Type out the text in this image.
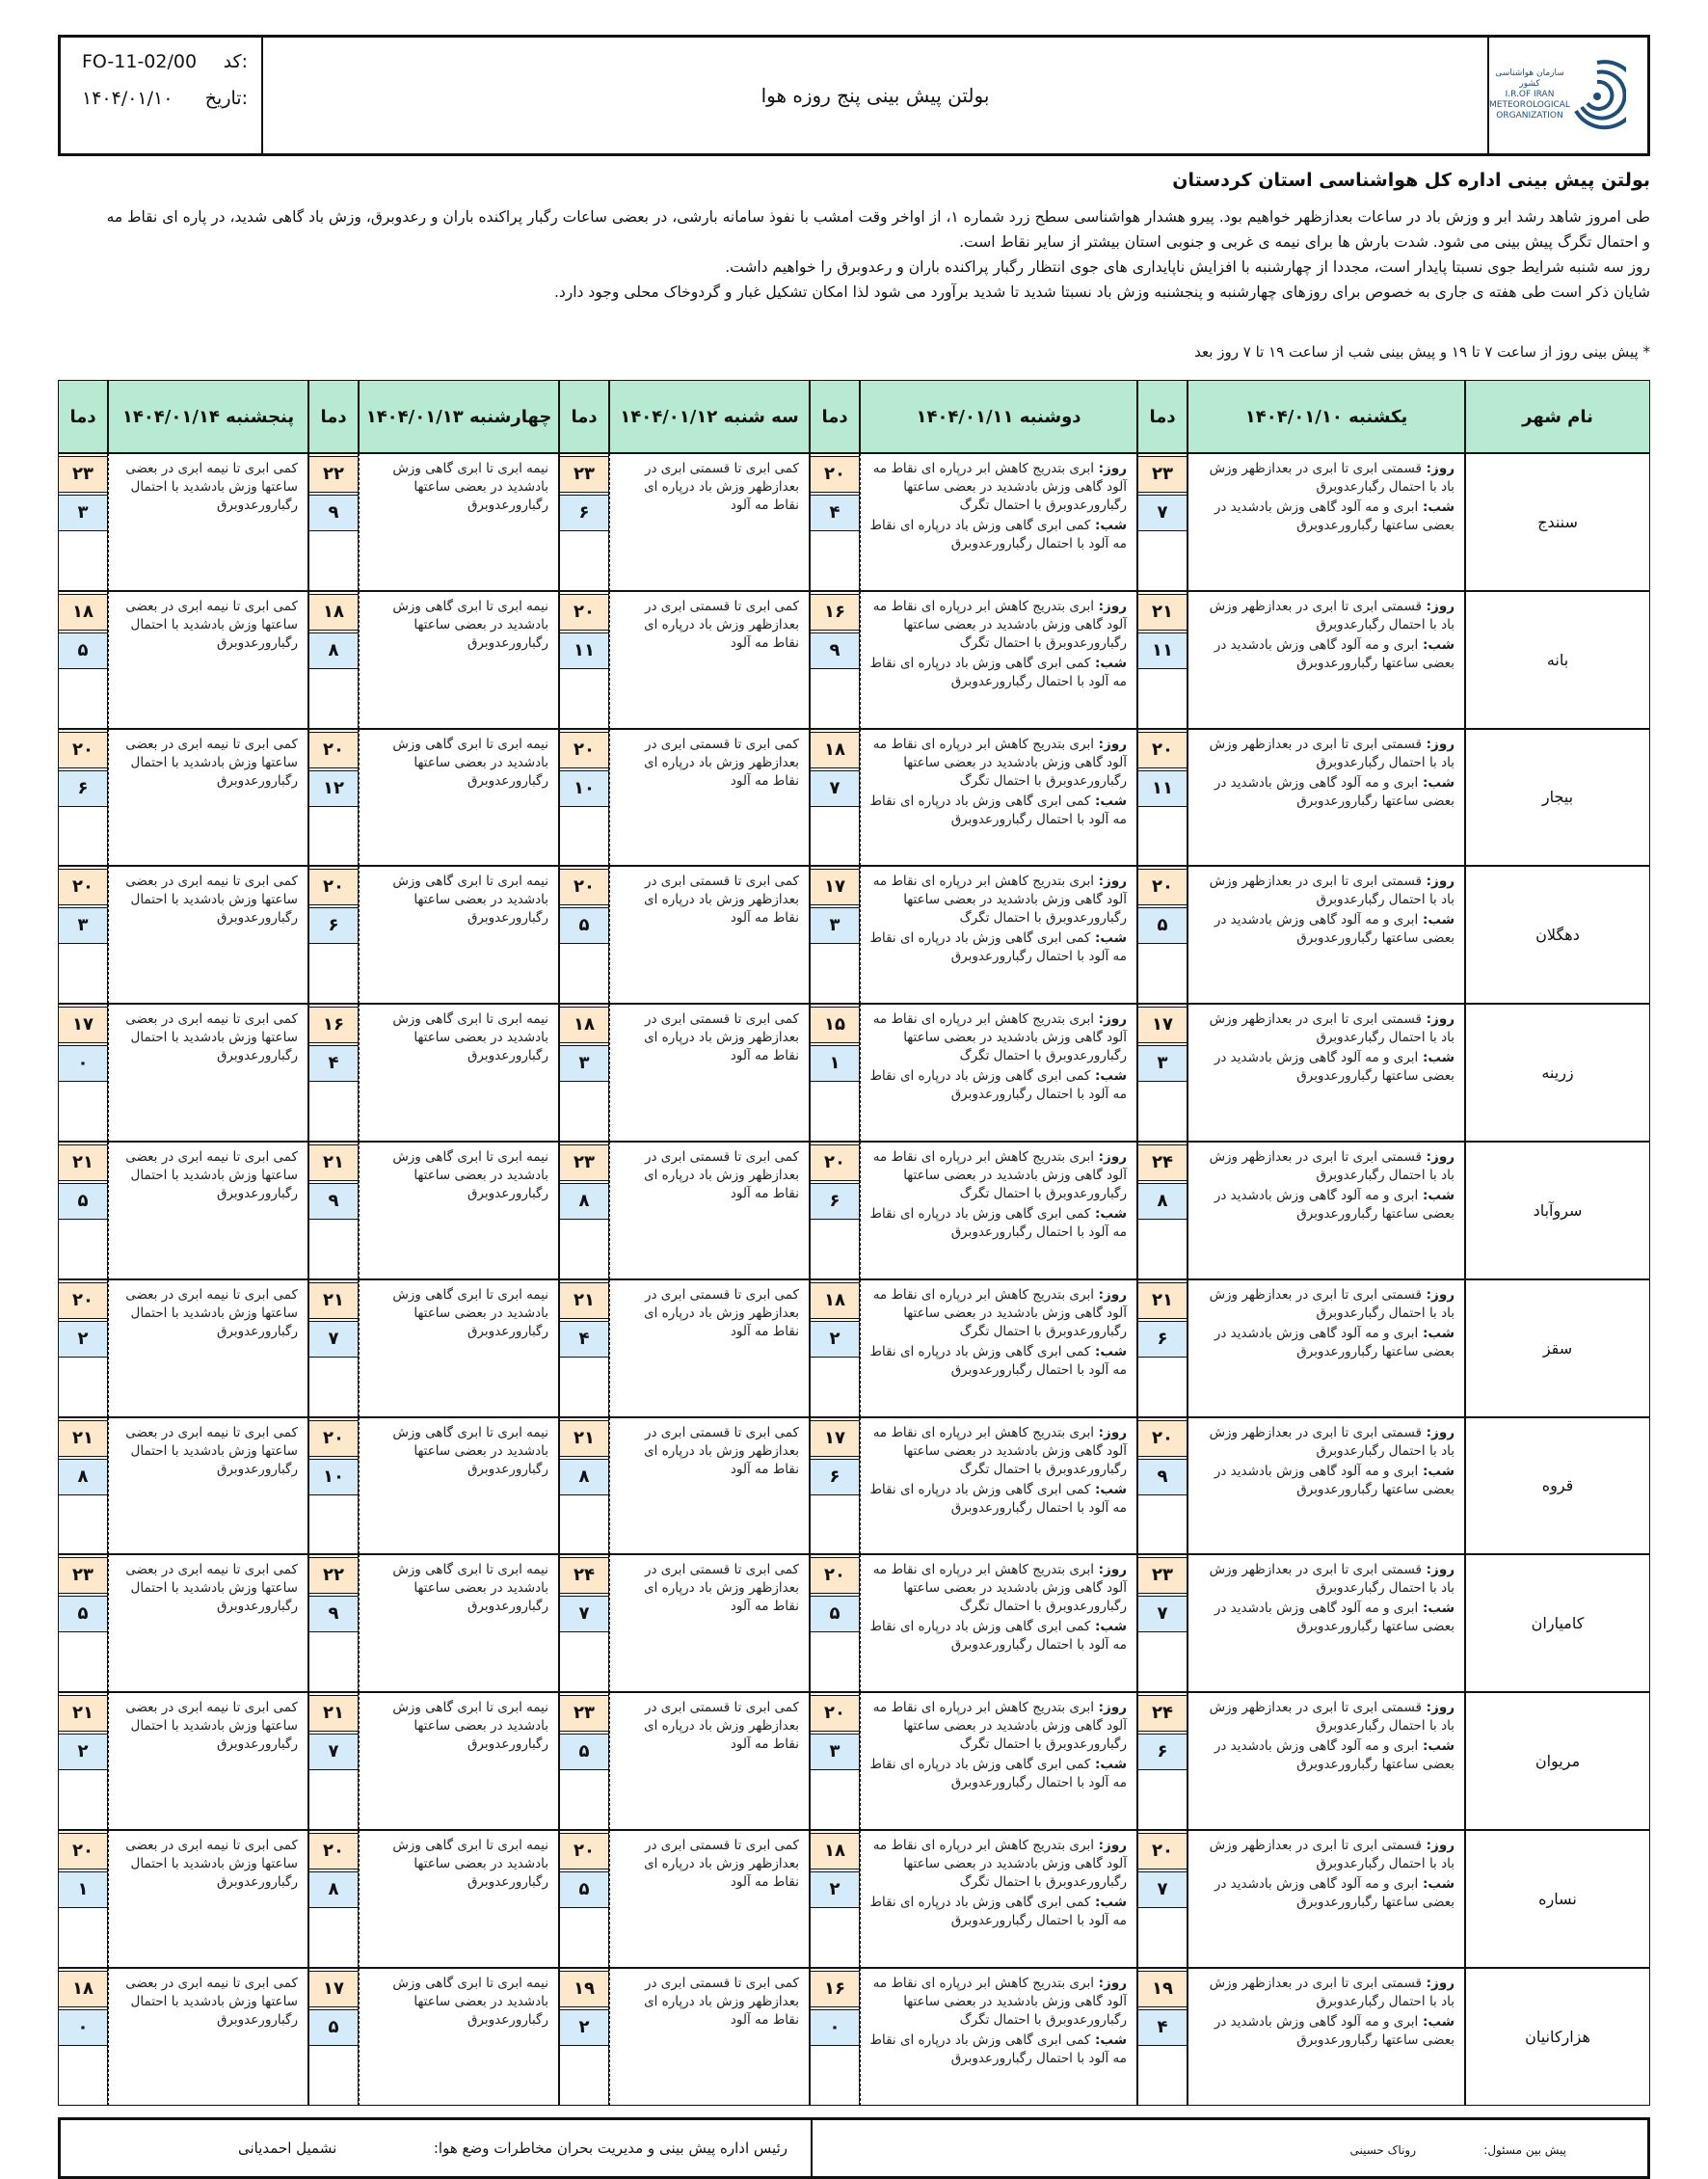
کد:
FO-11-02/00
تاریخ:
۱۴۰۴/۰۱/۱۰	بولتن پیش بینی پنج روزه هوا
سازمان هواشناسی کشور
I.R.OF IRAN
METEOROLOGICAL
ORGANIZATION
بولتن پیش بینی اداره کل هواشناسی استان کردستان
طی امروز شاهد رشد ابر و وزش باد در ساعات بعدازظهر خواهیم بود. پیرو هشدار هواشناسی سطح زرد شماره ۱، از اواخر وقت امشب با نفوذ سامانه بارشی، در بعضی ساعات رگبار پراکنده باران و رعدوبرق، وزش باد گاهی شدید، در پاره ای نقاط مه و احتمال تگرگ پیش بینی می شود. شدت بارش ها برای نیمه ی غربی و جنوبی استان بیشتر از سایر نقاط است.
روز سه شنبه شرایط جوی نسبتا پایدار است، مجددا از چهارشنبه با افزایش ناپایداری های جوی انتظار رگبار پراکنده باران و رعدوبرق را خواهیم داشت.
شایان ذکر است طی هفته ی جاری به خصوص برای روزهای چهارشنبه و پنجشنبه وزش باد نسبتا شدید تا شدید برآورد می شود لذا امکان تشکیل غبار و گردوخاک محلی وجود دارد.
* پیش بینی روز از ساعت ۷ تا ۱۹ و پیش بینی شب از ساعت ۱۹ تا ۷ روز بعد
دما	پنجشنبه ۱۴۰۴/۰۱/۱۴	دما	چهارشنبه ۱۴۰۴/۰۱/۱۳	دما	سه شنبه ۱۴۰۴/۰۱/۱۲	دما	دوشنبه ۱۴۰۴/۰۱/۱۱	دما	یکشنبه ۱۴۰۴/۰۱/۱۰	نام شهر
۲۳
۳
کمی ابری تا نیمه ابری در بعضی ساعتها وزش بادشدید با احتمال رگبارورعدوبرق
۲۲
۹
نیمه ابری تا ابری گاهی وزش بادشدید در بعضی ساعتها رگبارورعدوبرق
۲۳
۶
کمی ابری تا قسمتی ابری در بعدازظهر وزش باد درپاره ای نقاط مه آلود
۲۰
۴
روز: ابری بتدریج کاهش ابر درپاره ای نقاط مه آلود گاهی وزش بادشدید در بعضی ساعتها رگبارورعدوبرق با احتمال تگرگ
شب: کمی ابری گاهی وزش باد درپاره ای نقاط مه آلود با احتمال رگبارورعدوبرق
۲۳
۷
روز: قسمتی ابری تا ابری در بعدازظهر وزش باد با احتمال رگبارعدوبرق
شب: ابری و مه آلود گاهی وزش بادشدید در بعضی ساعتها رگبارورعدوبرق	سنندج
۱۸
۵
کمی ابری تا نیمه ابری در بعضی ساعتها وزش بادشدید با احتمال رگبارورعدوبرق
۱۸
۸
نیمه ابری تا ابری گاهی وزش بادشدید در بعضی ساعتها رگبارورعدوبرق
۲۰
۱۱
کمی ابری تا قسمتی ابری در بعدازظهر وزش باد درپاره ای نقاط مه آلود
۱۶
۹
روز: ابری بتدریج کاهش ابر درپاره ای نقاط مه آلود گاهی وزش بادشدید در بعضی ساعتها رگبارورعدوبرق با احتمال تگرگ
شب: کمی ابری گاهی وزش باد درپاره ای نقاط مه آلود با احتمال رگبارورعدوبرق
۲۱
۱۱
روز: قسمتی ابری تا ابری در بعدازظهر وزش باد با احتمال رگبارعدوبرق
شب: ابری و مه آلود گاهی وزش بادشدید در بعضی ساعتها رگبارورعدوبرق	بانه
۲۰
۶
کمی ابری تا نیمه ابری در بعضی ساعتها وزش بادشدید با احتمال رگبارورعدوبرق
۲۰
۱۲
نیمه ابری تا ابری گاهی وزش بادشدید در بعضی ساعتها رگبارورعدوبرق
۲۰
۱۰
کمی ابری تا قسمتی ابری در بعدازظهر وزش باد درپاره ای نقاط مه آلود
۱۸
۷
روز: ابری بتدریج کاهش ابر درپاره ای نقاط مه آلود گاهی وزش بادشدید در بعضی ساعتها رگبارورعدوبرق با احتمال تگرگ
شب: کمی ابری گاهی وزش باد درپاره ای نقاط مه آلود با احتمال رگبارورعدوبرق
۲۰
۱۱
روز: قسمتی ابری تا ابری در بعدازظهر وزش باد با احتمال رگبارعدوبرق
شب: ابری و مه آلود گاهی وزش بادشدید در بعضی ساعتها رگبارورعدوبرق	بیجار
۲۰
۳
کمی ابری تا نیمه ابری در بعضی ساعتها وزش بادشدید با احتمال رگبارورعدوبرق
۲۰
۶
نیمه ابری تا ابری گاهی وزش بادشدید در بعضی ساعتها رگبارورعدوبرق
۲۰
۵
کمی ابری تا قسمتی ابری در بعدازظهر وزش باد درپاره ای نقاط مه آلود
۱۷
۳
روز: ابری بتدریج کاهش ابر درپاره ای نقاط مه آلود گاهی وزش بادشدید در بعضی ساعتها رگبارورعدوبرق با احتمال تگرگ
شب: کمی ابری گاهی وزش باد درپاره ای نقاط مه آلود با احتمال رگبارورعدوبرق
۲۰
۵
روز: قسمتی ابری تا ابری در بعدازظهر وزش باد با احتمال رگبارعدوبرق
شب: ابری و مه آلود گاهی وزش بادشدید در بعضی ساعتها رگبارورعدوبرق	دهگلان
۱۷
۰
کمی ابری تا نیمه ابری در بعضی ساعتها وزش بادشدید با احتمال رگبارورعدوبرق
۱۶
۴
نیمه ابری تا ابری گاهی وزش بادشدید در بعضی ساعتها رگبارورعدوبرق
۱۸
۳
کمی ابری تا قسمتی ابری در بعدازظهر وزش باد درپاره ای نقاط مه آلود
۱۵
۱
روز: ابری بتدریج کاهش ابر درپاره ای نقاط مه آلود گاهی وزش بادشدید در بعضی ساعتها رگبارورعدوبرق با احتمال تگرگ
شب: کمی ابری گاهی وزش باد درپاره ای نقاط مه آلود با احتمال رگبارورعدوبرق
۱۷
۳
روز: قسمتی ابری تا ابری در بعدازظهر وزش باد با احتمال رگبارعدوبرق
شب: ابری و مه آلود گاهی وزش بادشدید در بعضی ساعتها رگبارورعدوبرق	زرینه
۲۱
۵
کمی ابری تا نیمه ابری در بعضی ساعتها وزش بادشدید با احتمال رگبارورعدوبرق
۲۱
۹
نیمه ابری تا ابری گاهی وزش بادشدید در بعضی ساعتها رگبارورعدوبرق
۲۳
۸
کمی ابری تا قسمتی ابری در بعدازظهر وزش باد درپاره ای نقاط مه آلود
۲۰
۶
روز: ابری بتدریج کاهش ابر درپاره ای نقاط مه آلود گاهی وزش بادشدید در بعضی ساعتها رگبارورعدوبرق با احتمال تگرگ
شب: کمی ابری گاهی وزش باد درپاره ای نقاط مه آلود با احتمال رگبارورعدوبرق
۲۴
۸
روز: قسمتی ابری تا ابری در بعدازظهر وزش باد با احتمال رگبارعدوبرق
شب: ابری و مه آلود گاهی وزش بادشدید در بعضی ساعتها رگبارورعدوبرق	سروآباد
۲۰
۲
کمی ابری تا نیمه ابری در بعضی ساعتها وزش بادشدید با احتمال رگبارورعدوبرق
۲۱
۷
نیمه ابری تا ابری گاهی وزش بادشدید در بعضی ساعتها رگبارورعدوبرق
۲۱
۴
کمی ابری تا قسمتی ابری در بعدازظهر وزش باد درپاره ای نقاط مه آلود
۱۸
۲
روز: ابری بتدریج کاهش ابر درپاره ای نقاط مه آلود گاهی وزش بادشدید در بعضی ساعتها رگبارورعدوبرق با احتمال تگرگ
شب: کمی ابری گاهی وزش باد درپاره ای نقاط مه آلود با احتمال رگبارورعدوبرق
۲۱
۶
روز: قسمتی ابری تا ابری در بعدازظهر وزش باد با احتمال رگبارعدوبرق
شب: ابری و مه آلود گاهی وزش بادشدید در بعضی ساعتها رگبارورعدوبرق	سقز
۲۱
۸
کمی ابری تا نیمه ابری در بعضی ساعتها وزش بادشدید با احتمال رگبارورعدوبرق
۲۰
۱۰
نیمه ابری تا ابری گاهی وزش بادشدید در بعضی ساعتها رگبارورعدوبرق
۲۱
۸
کمی ابری تا قسمتی ابری در بعدازظهر وزش باد درپاره ای نقاط مه آلود
۱۷
۶
روز: ابری بتدریج کاهش ابر درپاره ای نقاط مه آلود گاهی وزش بادشدید در بعضی ساعتها رگبارورعدوبرق با احتمال تگرگ
شب: کمی ابری گاهی وزش باد درپاره ای نقاط مه آلود با احتمال رگبارورعدوبرق
۲۰
۹
روز: قسمتی ابری تا ابری در بعدازظهر وزش باد با احتمال رگبارعدوبرق
شب: ابری و مه آلود گاهی وزش بادشدید در بعضی ساعتها رگبارورعدوبرق	قروه
۲۳
۵
کمی ابری تا نیمه ابری در بعضی ساعتها وزش بادشدید با احتمال رگبارورعدوبرق
۲۲
۹
نیمه ابری تا ابری گاهی وزش بادشدید در بعضی ساعتها رگبارورعدوبرق
۲۴
۷
کمی ابری تا قسمتی ابری در بعدازظهر وزش باد درپاره ای نقاط مه آلود
۲۰
۵
روز: ابری بتدریج کاهش ابر درپاره ای نقاط مه آلود گاهی وزش بادشدید در بعضی ساعتها رگبارورعدوبرق با احتمال تگرگ
شب: کمی ابری گاهی وزش باد درپاره ای نقاط مه آلود با احتمال رگبارورعدوبرق
۲۳
۷
روز: قسمتی ابری تا ابری در بعدازظهر وزش باد با احتمال رگبارعدوبرق
شب: ابری و مه آلود گاهی وزش بادشدید در بعضی ساعتها رگبارورعدوبرق	کامیاران
۲۱
۲
کمی ابری تا نیمه ابری در بعضی ساعتها وزش بادشدید با احتمال رگبارورعدوبرق
۲۱
۷
نیمه ابری تا ابری گاهی وزش بادشدید در بعضی ساعتها رگبارورعدوبرق
۲۳
۵
کمی ابری تا قسمتی ابری در بعدازظهر وزش باد درپاره ای نقاط مه آلود
۲۰
۳
روز: ابری بتدریج کاهش ابر درپاره ای نقاط مه آلود گاهی وزش بادشدید در بعضی ساعتها رگبارورعدوبرق با احتمال تگرگ
شب: کمی ابری گاهی وزش باد درپاره ای نقاط مه آلود با احتمال رگبارورعدوبرق
۲۴
۶
روز: قسمتی ابری تا ابری در بعدازظهر وزش باد با احتمال رگبارعدوبرق
شب: ابری و مه آلود گاهی وزش بادشدید در بعضی ساعتها رگبارورعدوبرق	مریوان
۲۰
۱
کمی ابری تا نیمه ابری در بعضی ساعتها وزش بادشدید با احتمال رگبارورعدوبرق
۲۰
۸
نیمه ابری تا ابری گاهی وزش بادشدید در بعضی ساعتها رگبارورعدوبرق
۲۰
۵
کمی ابری تا قسمتی ابری در بعدازظهر وزش باد درپاره ای نقاط مه آلود
۱۸
۲
روز: ابری بتدریج کاهش ابر درپاره ای نقاط مه آلود گاهی وزش بادشدید در بعضی ساعتها رگبارورعدوبرق با احتمال تگرگ
شب: کمی ابری گاهی وزش باد درپاره ای نقاط مه آلود با احتمال رگبارورعدوبرق
۲۰
۷
روز: قسمتی ابری تا ابری در بعدازظهر وزش باد با احتمال رگبارعدوبرق
شب: ابری و مه آلود گاهی وزش بادشدید در بعضی ساعتها رگبارورعدوبرق	نساره
۱۸
۰
کمی ابری تا نیمه ابری در بعضی ساعتها وزش بادشدید با احتمال رگبارورعدوبرق
۱۷
۵
نیمه ابری تا ابری گاهی وزش بادشدید در بعضی ساعتها رگبارورعدوبرق
۱۹
۲
کمی ابری تا قسمتی ابری در بعدازظهر وزش باد درپاره ای نقاط مه آلود
۱۶
۰
روز: ابری بتدریج کاهش ابر درپاره ای نقاط مه آلود گاهی وزش بادشدید در بعضی ساعتها رگبارورعدوبرق با احتمال تگرگ
شب: کمی ابری گاهی وزش باد درپاره ای نقاط مه آلود با احتمال رگبارورعدوبرق
۱۹
۴
روز: قسمتی ابری تا ابری در بعدازظهر وزش باد با احتمال رگبارعدوبرق
شب: ابری و مه آلود گاهی وزش بادشدید در بعضی ساعتها رگبارورعدوبرق	هزارکانیان
رئیس اداره پیش بینی و مدیریت بحران مخاطرات وضع هوا:
نشمیل احمدیانی	پیش بین مسئول:
روناک حسینی
